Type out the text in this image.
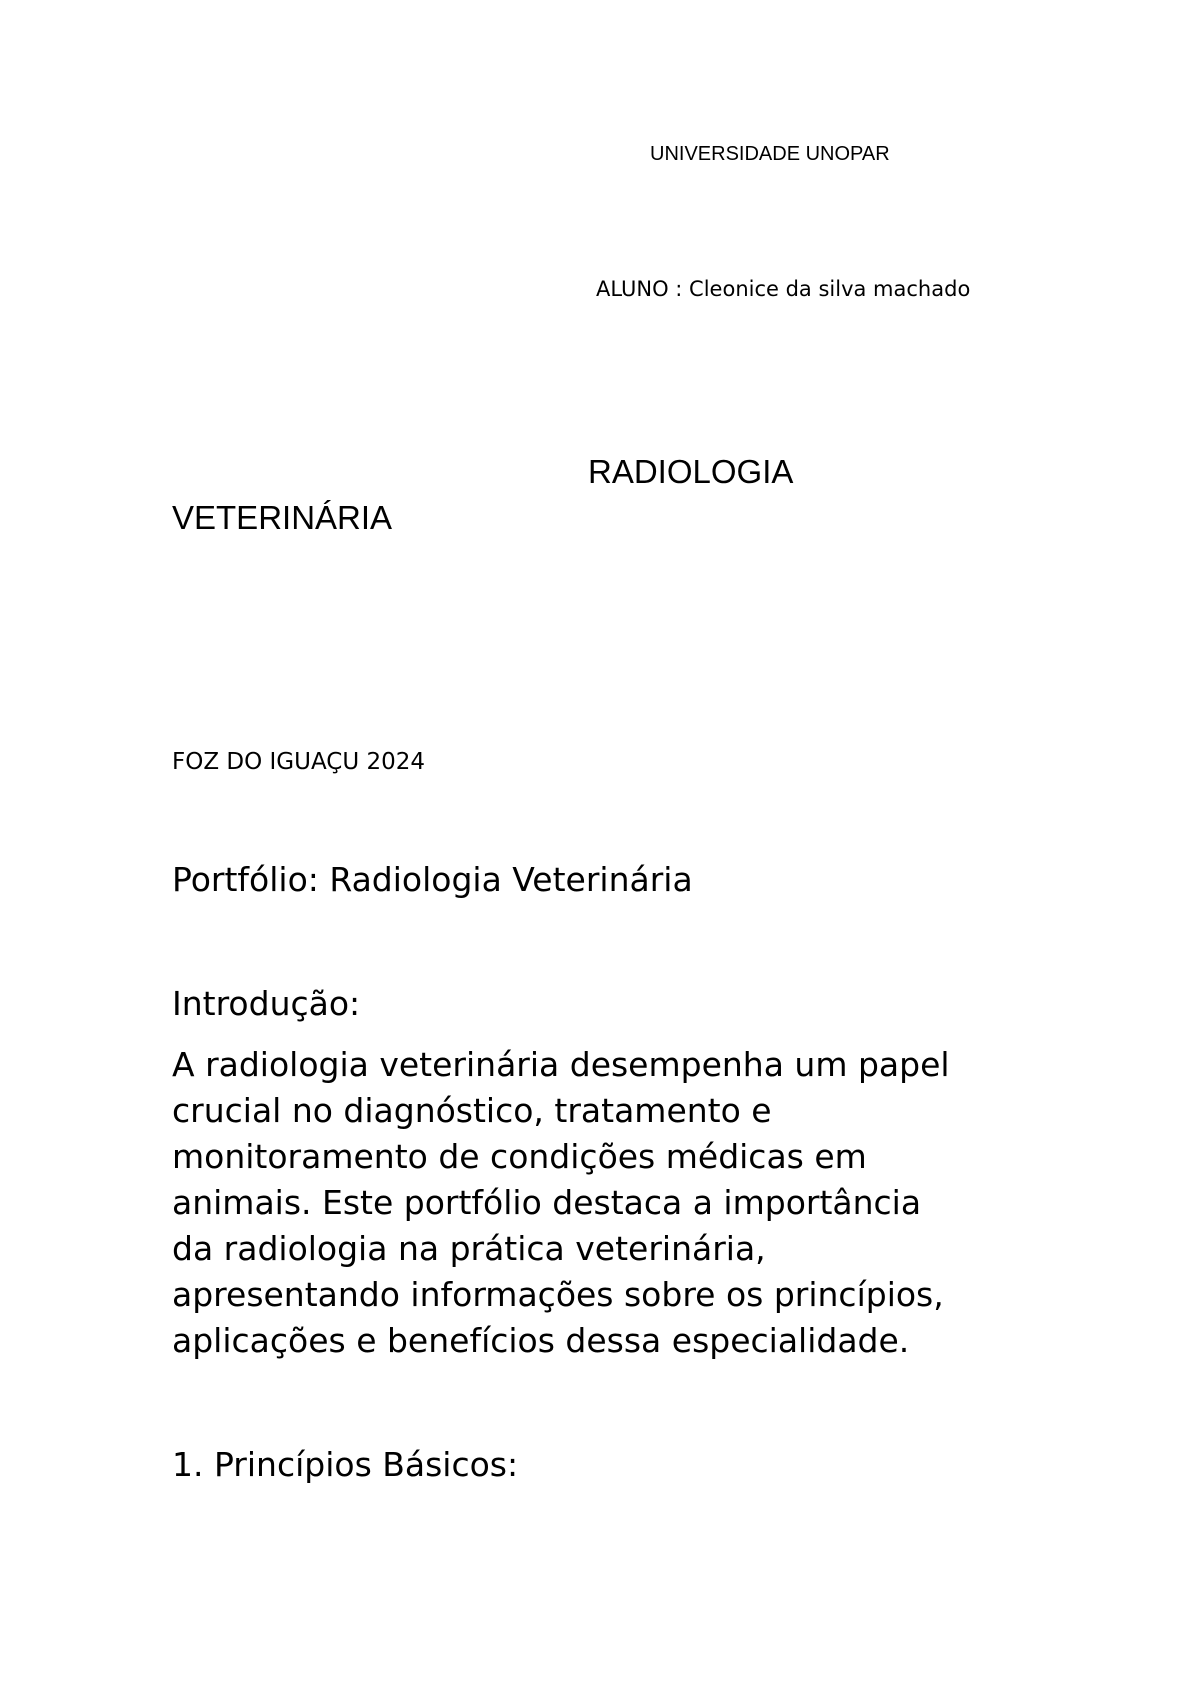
UNIVERSIDADE UNOPAR

ALUNO : Cleonice da silva machado

RADIOLOGIA

VETERINÁRIA

FOZ DO IGUAÇU 2024

Portfólio: Radiologia Veterinária

Introdução:

A radiologia veterinária desempenha um papel
crucial no diagnóstico, tratamento e
monitoramento de condições médicas em
animais. Este portfólio destaca a importância
da radiologia na prática veterinária,
apresentando informações sobre os princípios,
aplicações e benefícios dessa especialidade.

1. Princípios Básicos:
